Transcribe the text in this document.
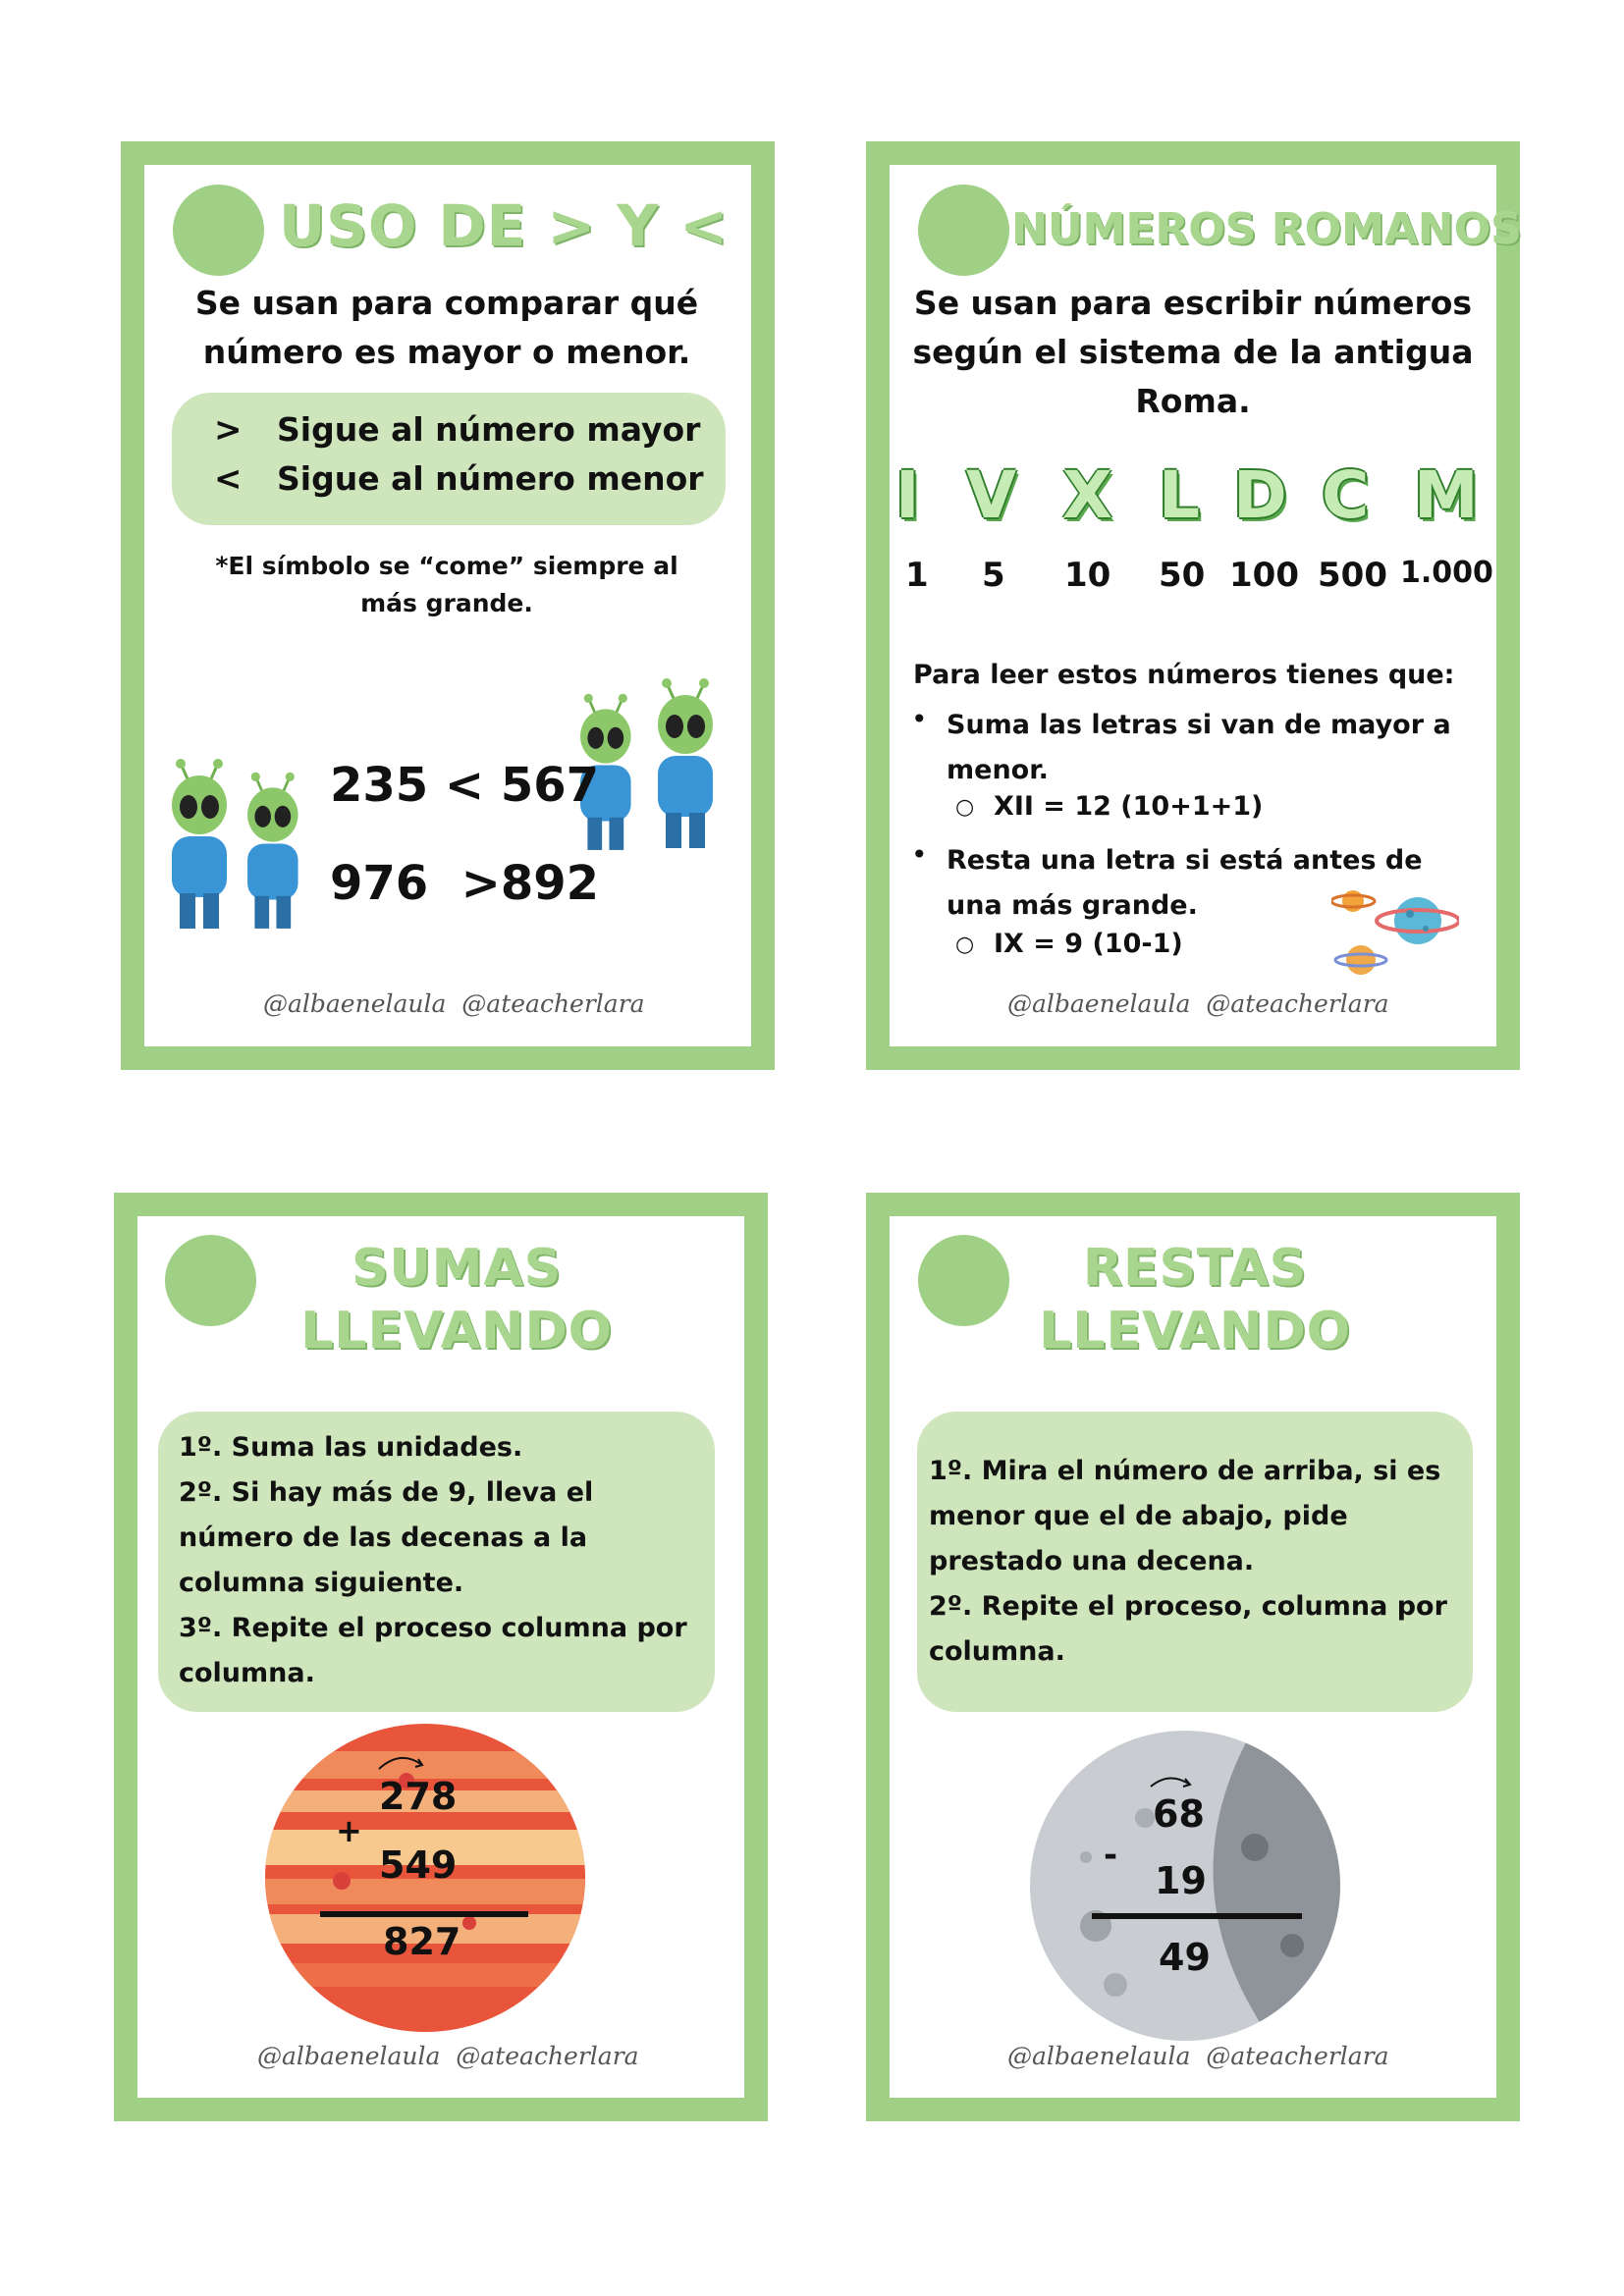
USO DE > Y <
Se usan para comparar qué número es mayor o menor.
> Sigue al número mayor
< Sigue al número menor
*El símbolo se “come” siempre al más grande.
235 < 567
976  >892
@albaenelaula  @ateacherlara
NÚMEROS ROMANOS
Se usan para escribir números según el sistema de la antigua Roma.
I V X L D C M
1 5 10 50 100 500 1.000
Para leer estos números tienes que:
• Suma las letras si van de mayor a menor.
○ XII = 12 (10+1+1)
• Resta una letra si está antes de una más grande.
○ IX = 9 (10-1)
@albaenelaula  @ateacherlara
SUMAS
LLEVANDO
1º. Suma las unidades.
2º. Si hay más de 9, lleva el número de las decenas a la columna siguiente.
3º. Repite el proceso columna por columna.
278
+
549
827
@albaenelaula  @ateacherlara
RESTAS
LLEVANDO
1º. Mira el número de arriba, si es menor que el de abajo, pide prestado una decena.
2º. Repite el proceso, columna por columna.
68
-
19
49
@albaenelaula  @ateacherlara
